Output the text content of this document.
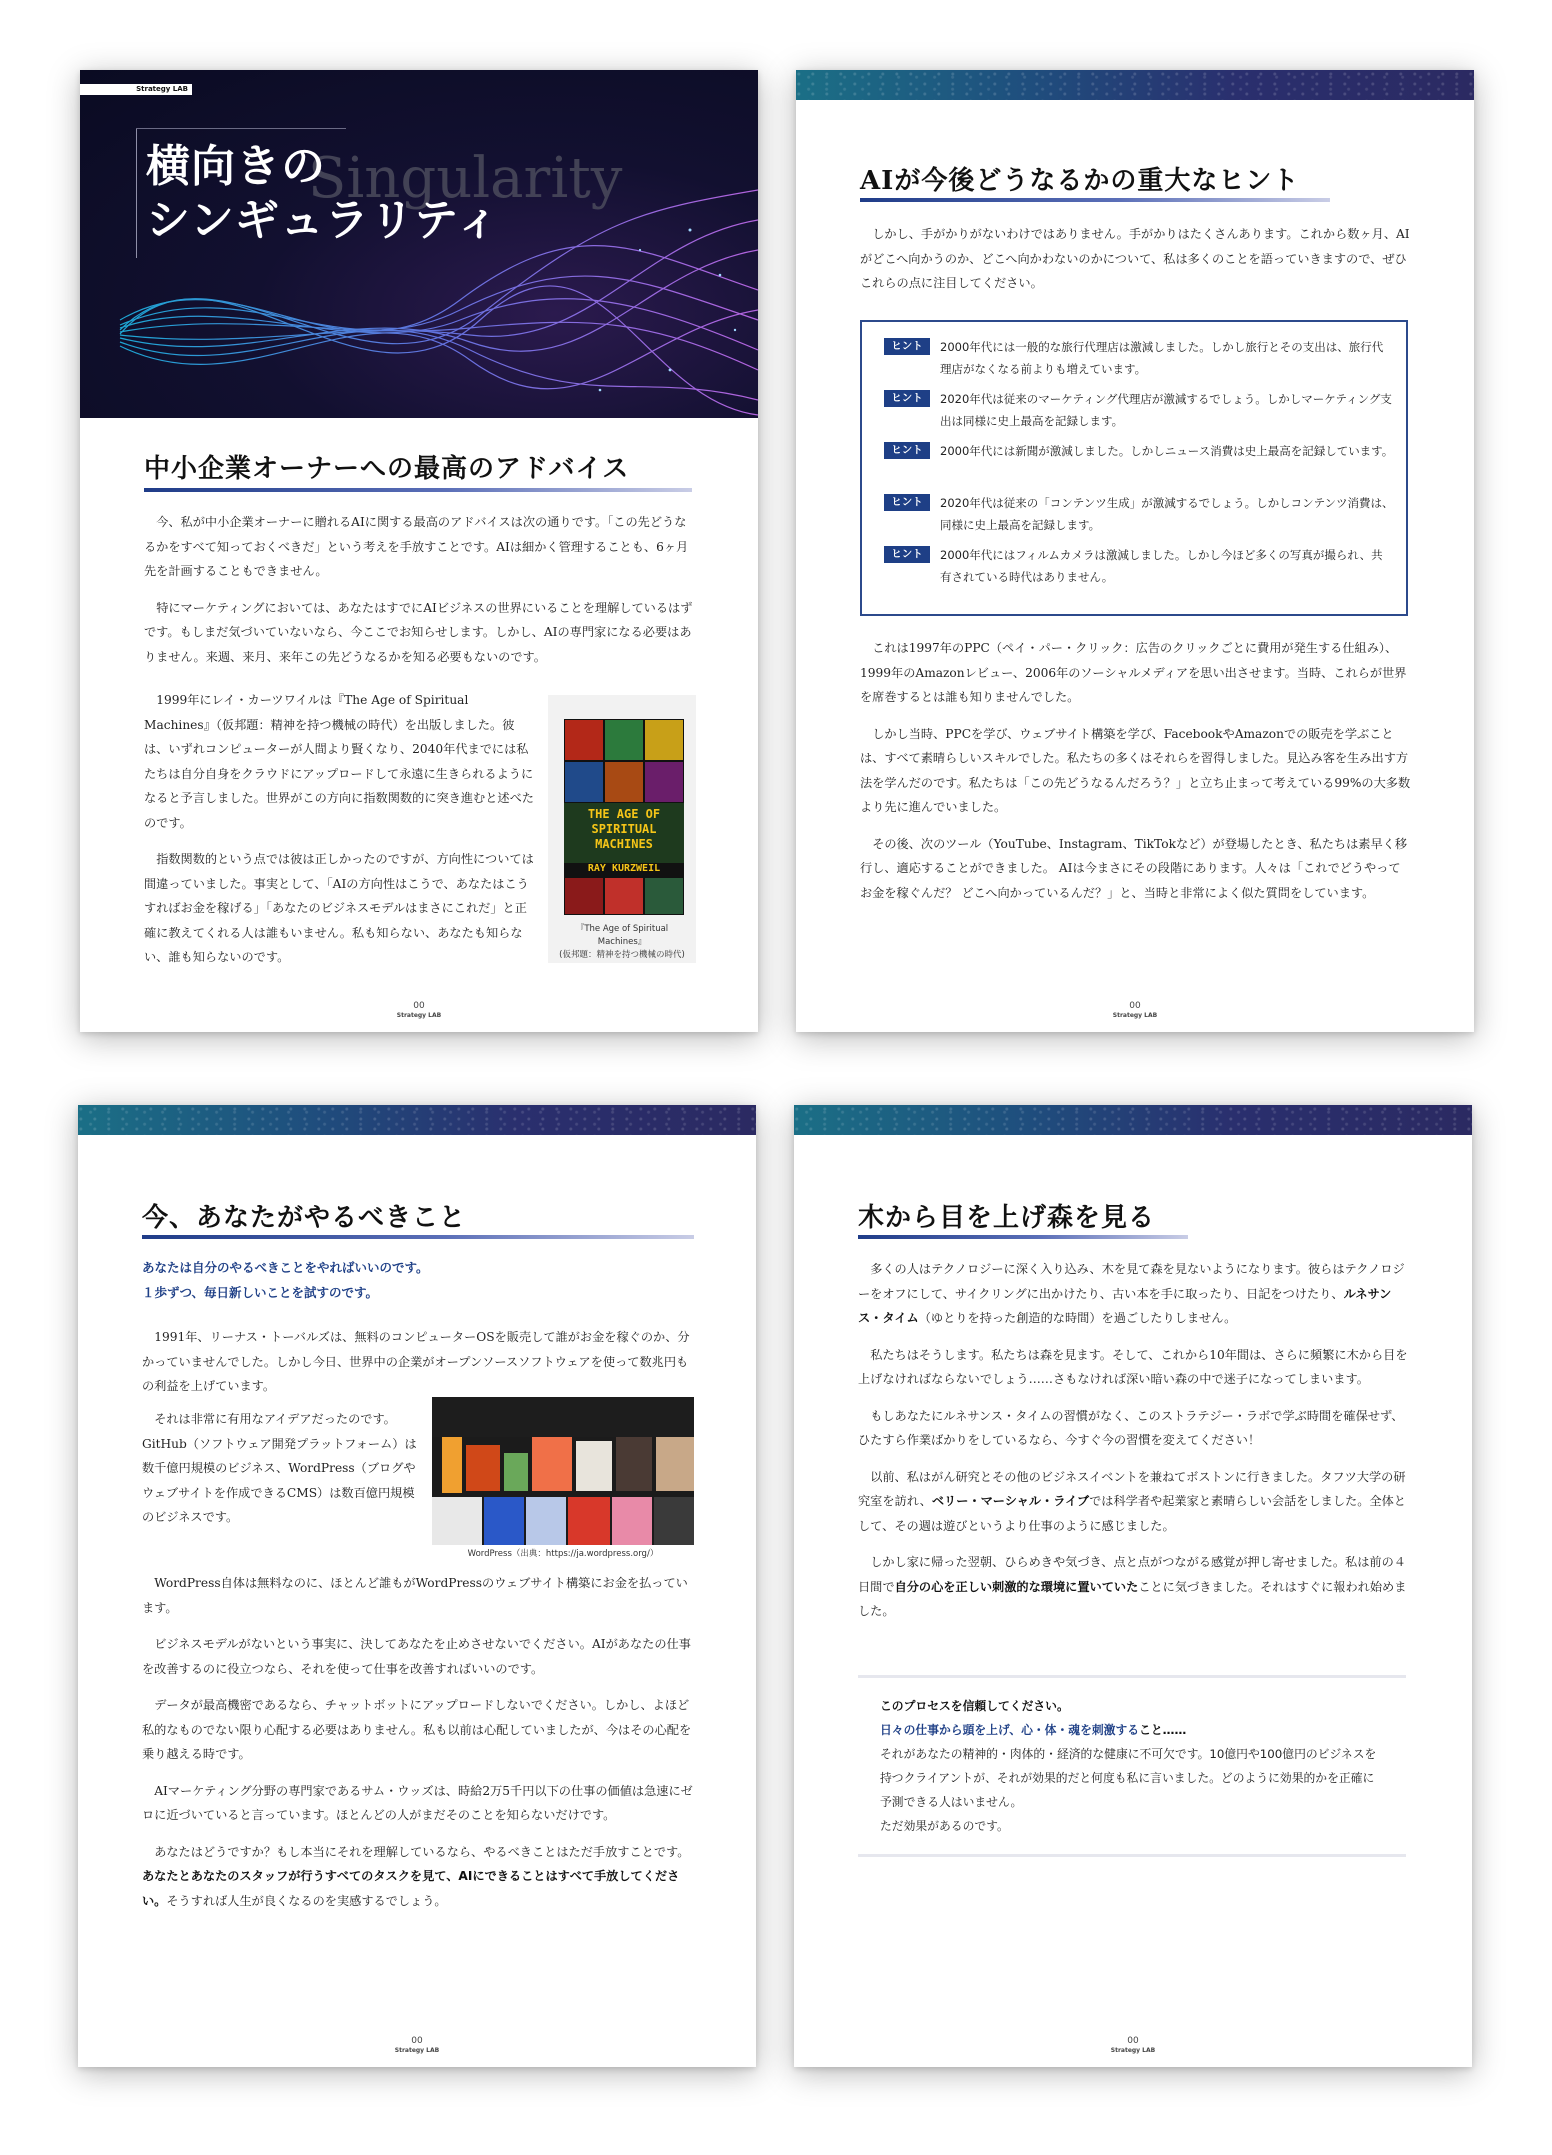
Strategy LAB
Singularity
横向きの
シンギュラリティ
中小企業オーナーへの最高のアドバイス

今、私が中小企業オーナーに贈れるAIに関する最高のアドバイスは次の通りです。「この先どうなるかをすべて知っておくべきだ」という考えを手放すことです。AIは細かく管理することも、6ヶ月先を計画することもできません。

特にマーケティングにおいては、あなたはすでにAIビジネスの世界にいることを理解しているはずです。もしまだ気づいていないなら、今ここでお知らせします。しかし、AIの専門家になる必要はありません。来週、来月、来年この先どうなるかを知る必要もないのです。

1999年にレイ・カーツワイルは『The Age of Spiritual Machines』（仮邦題：精神を持つ機械の時代）を出版しました。彼は、いずれコンピューターが人間より賢くなり、2040年代までには私たちは自分自身をクラウドにアップロードして永遠に生きられるようになると予言しました。世界がこの方向に指数関数的に突き進むと述べたのです。

指数関数的という点では彼は正しかったのですが、方向性については間違っていました。事実として、「AIの方向性はこうで、あなたはこうすればお金を稼げる」「あなたのビジネスモデルはまさにこれだ」と正確に教えてくれる人は誰もいません。私も知らない、あなたも知らない、誰も知らないのです。

THE AGE OF SPIRITUAL MACHINES
RAY KURZWEIL
『The Age of Spiritual Machines』
(仮邦題：精神を持つ機械の時代)
00
Strategy LAB
AIが今後どうなるかの重大なヒント

しかし、手がかりがないわけではありません。手がかりはたくさんあります。これから数ヶ月、AIがどこへ向かうのか、どこへ向かわないのかについて、私は多くのことを語っていきますので、ぜひこれらの点に注目してください。

ヒント	2000年代には一般的な旅行代理店は激減しました。しかし旅行とその支出は、旅行代理店がなくなる前よりも増えています。
ヒント	2020年代は従来のマーケティング代理店が激減するでしょう。しかしマーケティング支出は同様に史上最高を記録します。
ヒント	2000年代には新聞が激減しました。しかしニュース消費は史上最高を記録しています。
ヒント	2020年代は従来の「コンテンツ生成」が激減するでしょう。しかしコンテンツ消費は、同様に史上最高を記録します。
ヒント	2000年代にはフィルムカメラは激減しました。しかし今ほど多くの写真が撮られ、共有されている時代はありません。

これは1997年のPPC（ペイ・パー・クリック：広告のクリックごとに費用が発生する仕組み）、1999年のAmazonレビュー、2006年のソーシャルメディアを思い出させます。当時、これらが世界を席巻するとは誰も知りませんでした。

しかし当時、PPCを学び、ウェブサイト構築を学び、FacebookやAmazonでの販売を学ぶことは、すべて素晴らしいスキルでした。私たちの多くはそれらを習得しました。見込み客を生み出す方法を学んだのです。私たちは「この先どうなるんだろう？」と立ち止まって考えている99%の大多数より先に進んでいました。

その後、次のツール（YouTube、Instagram、TikTokなど）が登場したとき、私たちは素早く移行し、適応することができました。 AIは今まさにその段階にあります。人々は「これでどうやってお金を稼ぐんだ？ どこへ向かっているんだ？」と、当時と非常によく似た質問をしています。

00
Strategy LAB
今、あなたがやるべきこと
あなたは自分のやるべきことをやればいいのです。
１歩ずつ、毎日新しいことを試すのです。

1991年、リーナス・トーバルズは、無料のコンピューターOSを販売して誰がお金を稼ぐのか、分かっていませんでした。しかし今日、世界中の企業がオープンソースソフトウェアを使って数兆円もの利益を上げています。

それは非常に有用なアイデアだったのです。GitHub（ソフトウェア開発プラットフォーム）は数千億円規模のビジネス、WordPress（ブログやウェブサイトを作成できるCMS）は数百億円規模のビジネスです。

WordPress（出典：https://ja.wordpress.org/）

WordPress自体は無料なのに、ほとんど誰もがWordPressのウェブサイト構築にお金を払っています。

ビジネスモデルがないという事実に、決してあなたを止めさせないでください。AIがあなたの仕事を改善するのに役立つなら、それを使って仕事を改善すればいいのです。

データが最高機密であるなら、チャットボットにアップロードしないでください。しかし、よほど私的なものでない限り心配する必要はありません。私も以前は心配していましたが、今はその心配を乗り越える時です。

AIマーケティング分野の専門家であるサム・ウッズは、時給2万5千円以下の仕事の価値は急速にゼロに近づいていると言っています。ほとんどの人がまだそのことを知らないだけです。

あなたはどうですか？もし本当にそれを理解しているなら、やるべきことはただ手放すことです。あなたとあなたのスタッフが行うすべてのタスクを見て、AIにできることはすべて手放してください。そうすれば人生が良くなるのを実感するでしょう。

00
Strategy LAB
木から目を上げ森を見る

多くの人はテクノロジーに深く入り込み、木を見て森を見ないようになります。彼らはテクノロジーをオフにして、サイクリングに出かけたり、古い本を手に取ったり、日記をつけたり、ルネサンス・タイム（ゆとりを持った創造的な時間）を過ごしたりしません。

私たちはそうします。私たちは森を見ます。そして、これから10年間は、さらに頻繁に木から目を上げなければならないでしょう……さもなければ深い暗い森の中で迷子になってしまいます。

もしあなたにルネサンス・タイムの習慣がなく、このストラテジー・ラボで学ぶ時間を確保せず、ひたすら作業ばかりをしているなら、今すぐ今の習慣を変えてください！

以前、私はがん研究とその他のビジネスイベントを兼ねてボストンに行きました。タフツ大学の研究室を訪れ、ベリー・マーシャル・ライブでは科学者や起業家と素晴らしい会話をしました。全体として、その週は遊びというより仕事のように感じました。

しかし家に帰った翌朝、ひらめきや気づき、点と点がつながる感覚が押し寄せました。私は前の４日間で自分の心を正しい刺激的な環境に置いていたことに気づきました。それはすぐに報われ始めました。

このプロセスを信頼してください。
日々の仕事から頭を上げ、心・体・魂を刺激すること……
それがあなたの精神的・肉体的・経済的な健康に不可欠です。10億円や100億円のビジネスを持つクライアントが、それが効果的だと何度も私に言いました。どのように効果的かを正確に予測できる人はいません。
ただ効果があるのです。
00
Strategy LAB
